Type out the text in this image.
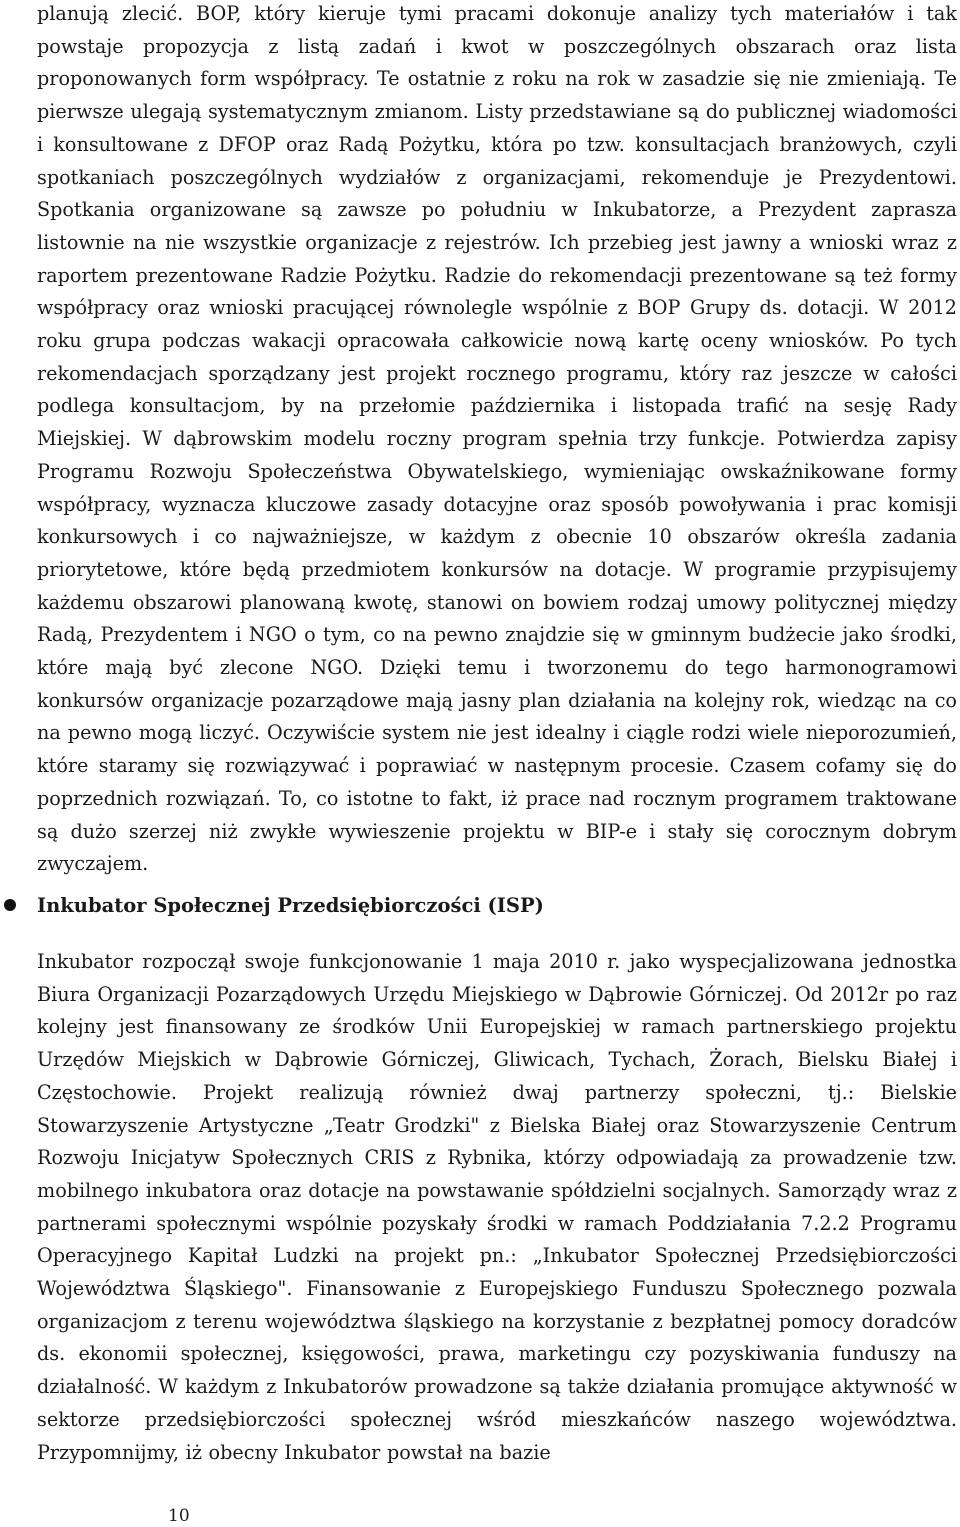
planują zlecić. BOP, który kieruje tymi pracami dokonuje analizy tych materiałów i tak powstaje propozycja z listą zadań i kwot w poszczególnych obszarach oraz lista proponowanych form współpracy. Te ostatnie z roku na rok w zasadzie się nie zmieniają. Te pierwsze ulegają systematycznym zmianom. Listy przedstawiane są do publicznej wiadomości i konsultowane z DFOP oraz Radą Pożytku, która po tzw. konsultacjach branżowych, czyli spotkaniach poszczególnych wydziałów z organizacjami, rekomenduje je Prezydentowi. Spotkania organizowane są zawsze po południu w Inkubatorze, a Prezydent zaprasza listownie na nie wszystkie organizacje z rejestrów. Ich przebieg jest jawny a wnioski wraz z raportem prezentowane Radzie Pożytku. Radzie do rekomendacji prezentowane są też formy współpracy oraz wnioski pracującej równolegle wspólnie z BOP Grupy ds. dotacji. W 2012 roku grupa podczas wakacji opracowała całkowicie nową kartę oceny wniosków. Po tych rekomendacjach sporządzany jest projekt rocznego programu, który raz jeszcze w całości podlega konsultacjom, by na przełomie października i listopada trafić na sesję Rady Miejskiej. W dąbrowskim modelu roczny program spełnia trzy funkcje. Potwierdza zapisy Programu Rozwoju Społeczeństwa Obywatelskiego, wymieniając owskaźnikowane formy współpracy, wyznacza kluczowe zasady dotacyjne oraz sposób powoływania i prac komisji konkursowych i co najważniejsze, w każdym z obecnie 10 obszarów określa zadania priorytetowe, które będą przedmiotem konkursów na dotacje. W programie przypisujemy każdemu obszarowi planowaną kwotę, stanowi on bowiem rodzaj umowy politycznej między Radą, Prezydentem i NGO o tym, co na pewno znajdzie się w gminnym budżecie jako środki, które mają być zlecone NGO. Dzięki temu i tworzonemu do tego harmonogramowi konkursów organizacje pozarządowe mają jasny plan działania na kolejny rok, wiedząc na co na pewno mogą liczyć. Oczywiście system nie jest idealny i ciągle rodzi wiele nieporozumień, które staramy się rozwiązywać i poprawiać w następnym procesie. Czasem cofamy się do poprzednich rozwiązań. To, co istotne to fakt, iż prace nad rocznym programem traktowane są dużo szerzej niż zwykłe wywieszenie projektu w BIP-e i stały się corocznym dobrym zwyczajem.

Inkubator Społecznej Przedsiębiorczości (ISP)

Inkubator rozpoczął swoje funkcjonowanie 1 maja 2010 r. jako wyspecjalizowana jednostka Biura Organizacji Pozarządowych Urzędu Miejskiego w Dąbrowie Górniczej. Od 2012r po raz kolejny jest finansowany ze środków Unii Europejskiej w ramach partnerskiego projektu Urzędów Miejskich w Dąbrowie Górniczej, Gliwicach, Tychach, Żorach, Bielsku Białej i Częstochowie. Projekt realizują również dwaj partnerzy społeczni, tj.: Bielskie Stowarzyszenie Artystyczne „Teatr Grodzki" z Bielska Białej oraz Stowarzyszenie Centrum Rozwoju Inicjatyw Społecznych CRIS z Rybnika, którzy odpowiadają za prowadzenie tzw. mobilnego inkubatora oraz dotacje na powstawanie spółdzielni socjalnych. Samorządy wraz z partnerami społecznymi wspólnie pozyskały środki w ramach Poddziałania 7.2.2 Programu Operacyjnego Kapitał Ludzki na projekt pn.: „Inkubator Społecznej Przedsiębiorczości Województwa Śląskiego". Finansowanie z Europejskiego Funduszu Społecznego pozwala organizacjom z terenu województwa śląskiego na korzystanie z bezpłatnej pomocy doradców ds. ekonomii społecznej, księgowości, prawa, marketingu czy pozyskiwania funduszy na działalność. W każdym z Inkubatorów prowadzone są także działania promujące aktywność w sektorze przedsiębiorczości społecznej wśród mieszkańców naszego województwa. Przypomnijmy, iż obecny Inkubator powstał na bazie

10
